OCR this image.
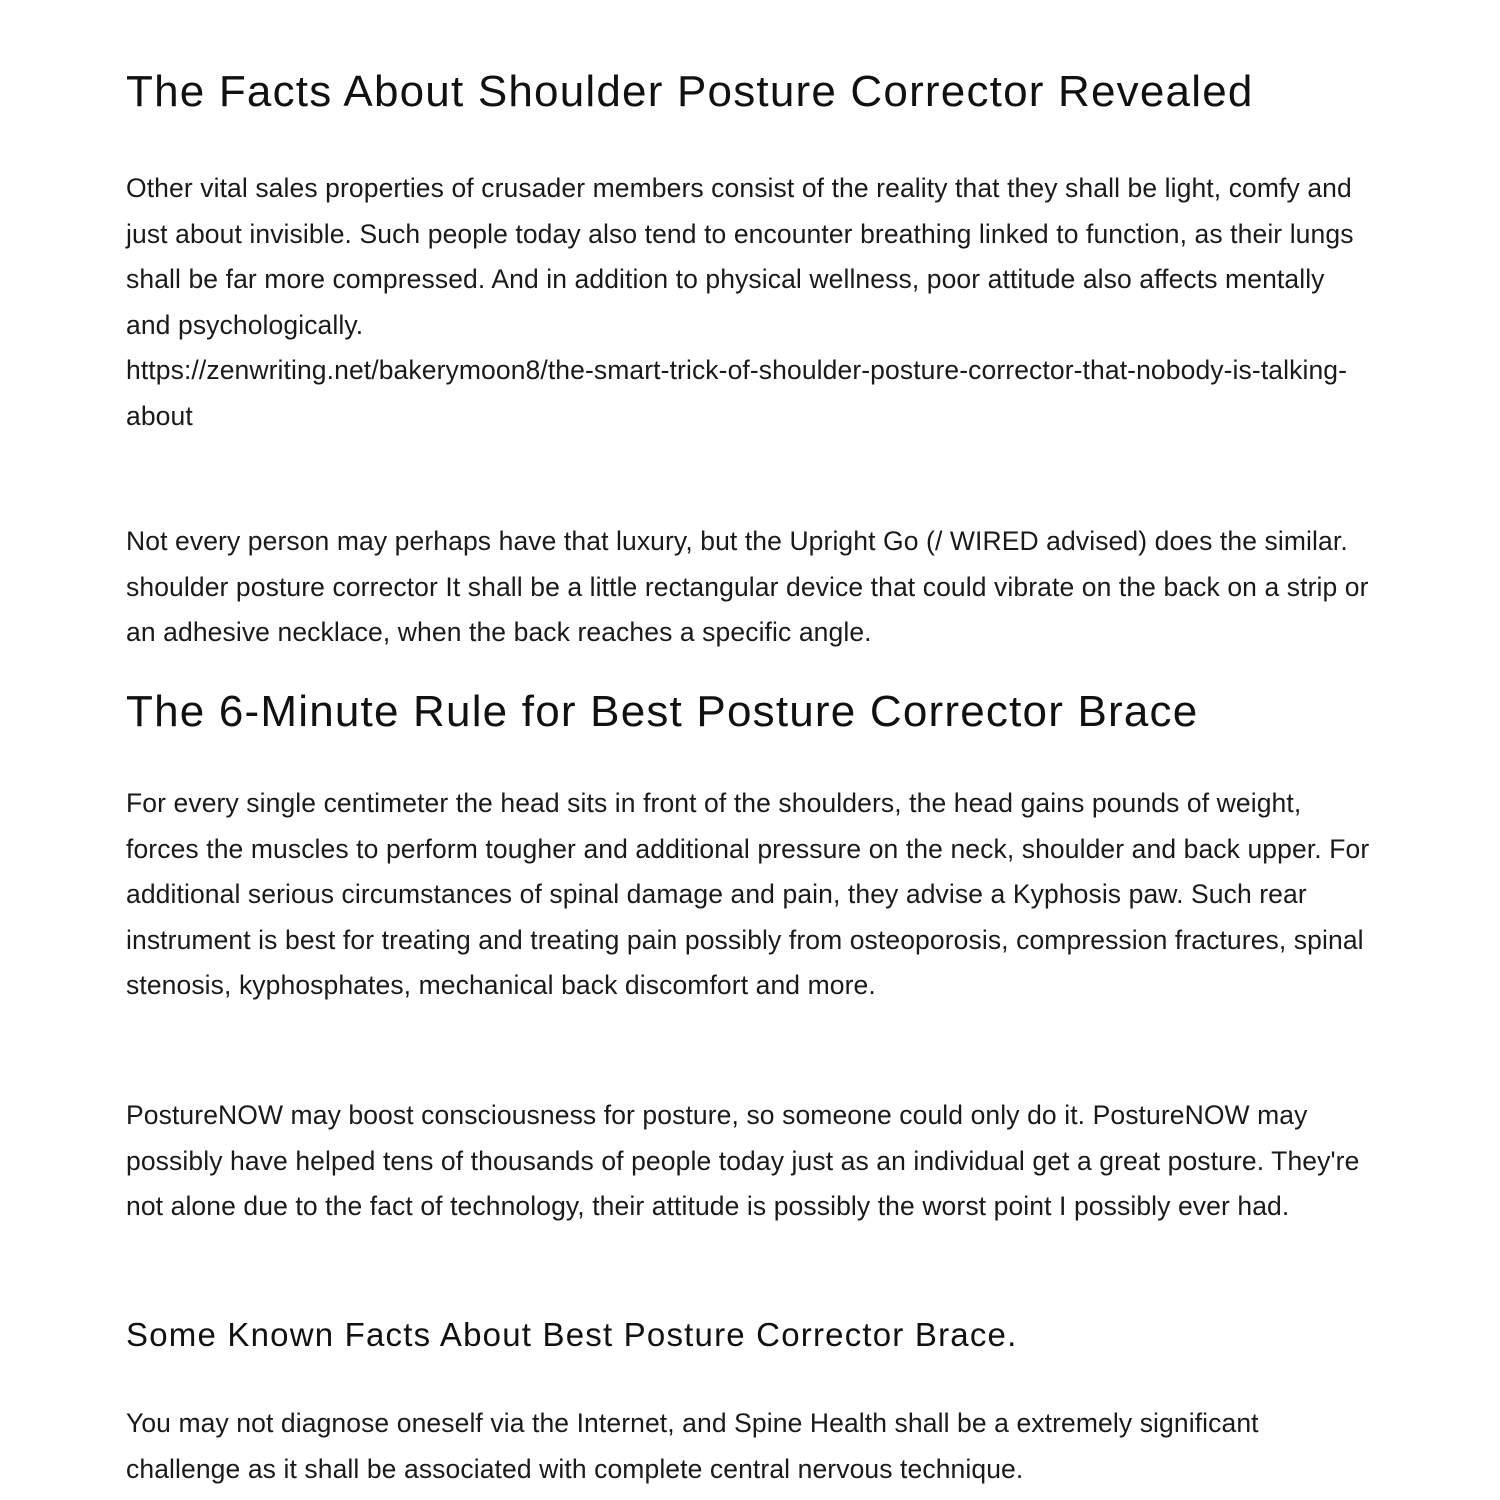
The Facts About Shoulder Posture Corrector Revealed

Other vital sales properties of crusader members consist of the reality that they shall be light, comfy and just about invisible. Such people today also tend to encounter breathing linked to function, as their lungs shall be far more compressed. And in addition to physical wellness, poor attitude also affects mentally and psychologically.
https://zenwriting.net/bakerymoon8/the-smart-trick-of-shoulder-posture-corrector-that-nobody-is-talking-about

Not every person may perhaps have that luxury, but the Upright Go (/ WIRED advised) does the similar. shoulder posture corrector It shall be a little rectangular device that could vibrate on the back on a strip or an adhesive necklace, when the back reaches a specific angle.

The 6-Minute Rule for Best Posture Corrector Brace

For every single centimeter the head sits in front of the shoulders, the head gains pounds of weight, forces the muscles to perform tougher and additional pressure on the neck, shoulder and back upper. For additional serious circumstances of spinal damage and pain, they advise a Kyphosis paw. Such rear instrument is best for treating and treating pain possibly from osteoporosis, compression fractures, spinal stenosis, kyphosphates, mechanical back discomfort and more.

PostureNOW may boost consciousness for posture, so someone could only do it. PostureNOW may possibly have helped tens of thousands of people today just as an individual get a great posture. They're not alone due to the fact of technology, their attitude is possibly the worst point I possibly ever had.

Some Known Facts About Best Posture Corrector Brace.

You may not diagnose oneself via the Internet, and Spine Health shall be a extremely significant challenge as it shall be associated with complete central nervous technique.
